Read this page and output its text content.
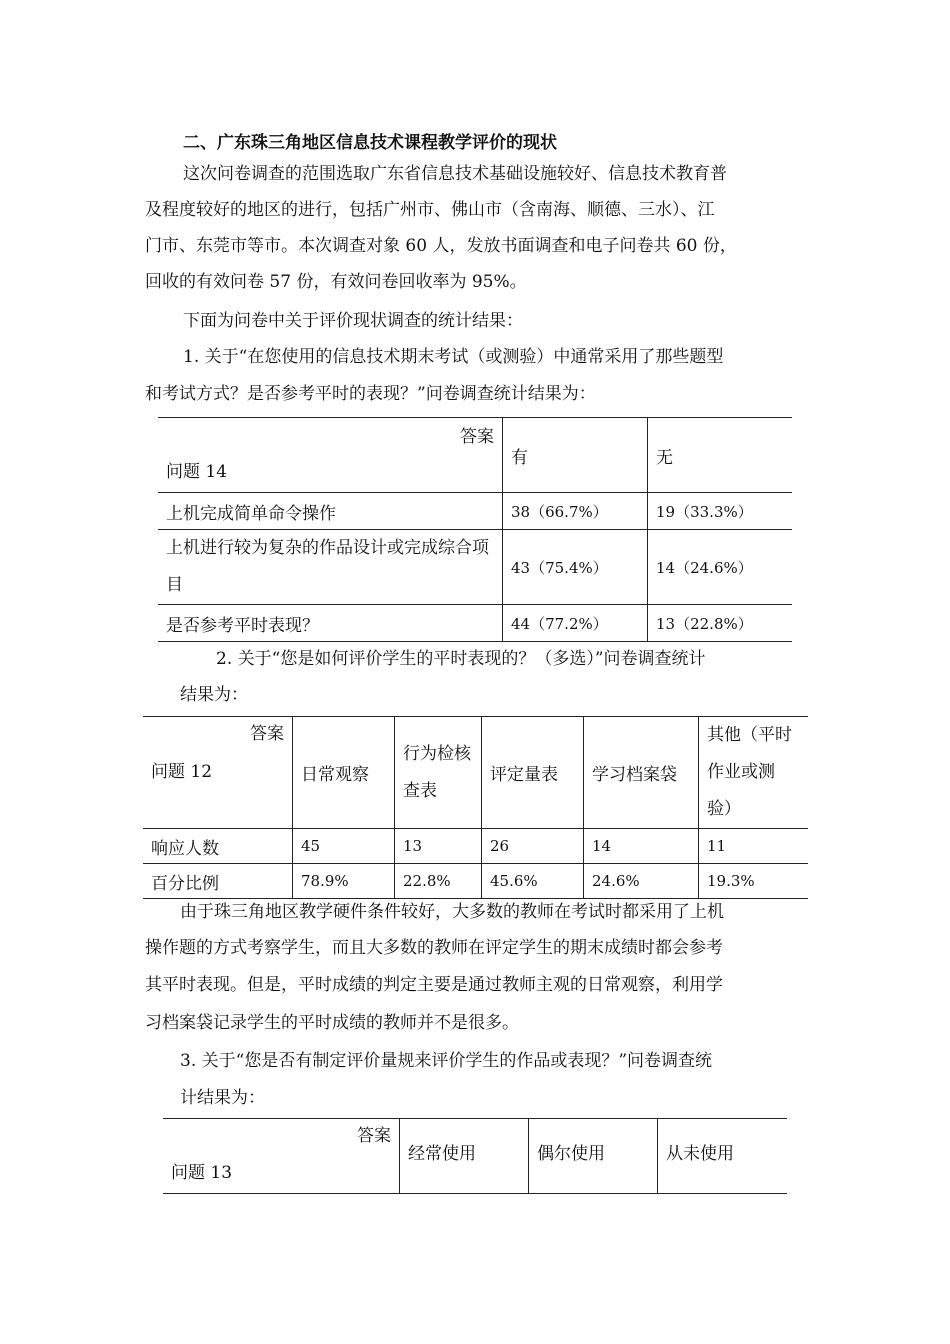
二、广东珠三角地区信息技术课程教学评价的现状
这次问卷调查的范围选取广东省信息技术基础设施较好、信息技术教育普
及程度较好的地区的进行，包括广州市、佛山市（含南海、顺德、三水）、江
门市、东莞市等市。本次调查对象 60 人，发放书面调查和电子问卷共 60 份，
回收的有效问卷 57 份，有效问卷回收率为 95%。
下面为问卷中关于评价现状调查的统计结果：
1. 关于“在您使用的信息技术期末考试（或测验）中通常采用了那些题型
和考试方式？是否参考平时的表现？”问卷调查统计结果为：
答案
问题 14	有	无
上机完成简单命令操作	38（66.7%）	19（33.3%）
上机进行较为复杂的作品设计或完成综合项目	43（75.4%）	14（24.6%）
是否参考平时表现？	44（77.2%）	13（22.8%）
2. 关于“您是如何评价学生的平时表现的？（多选）”问卷调查统计
结果为：
答案
问题 12	日常观察	行为检核查表	评定量表	学习档案袋	其他（平时作业或测验）
响应人数	45	13	26	14	11
百分比例	78.9%	22.8%	45.6%	24.6%	19.3%
由于珠三角地区教学硬件条件较好，大多数的教师在考试时都采用了上机
操作题的方式考察学生，而且大多数的教师在评定学生的期末成绩时都会参考
其平时表现。但是，平时成绩的判定主要是通过教师主观的日常观察，利用学
习档案袋记录学生的平时成绩的教师并不是很多。
3. 关于“您是否有制定评价量规来评价学生的作品或表现？”问卷调查统
计结果为：
答案
问题 13
	经常使用	偶尔使用	从未使用
